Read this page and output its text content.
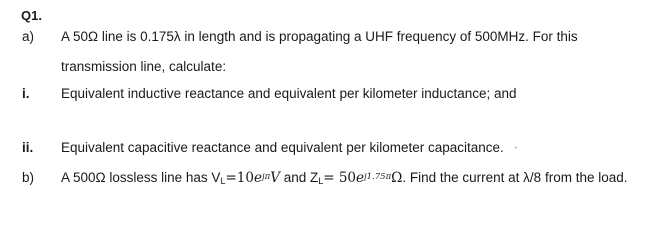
Q1.
a) A 50Ω line is 0.175λ in length and is propagating a UHF frequency of 500MHz. For this
transmission line, calculate:
i. Equivalent inductive reactance and equivalent per kilometer inductance; and
ii. Equivalent capacitive reactance and equivalent per kilometer capacitance. '
b) A 500Ω lossless line has $VL=10e^{j\pi}V$ and $ZL= 50e^{j1.75\pi}\Omega$. Find the current at λ/8 from the load.
